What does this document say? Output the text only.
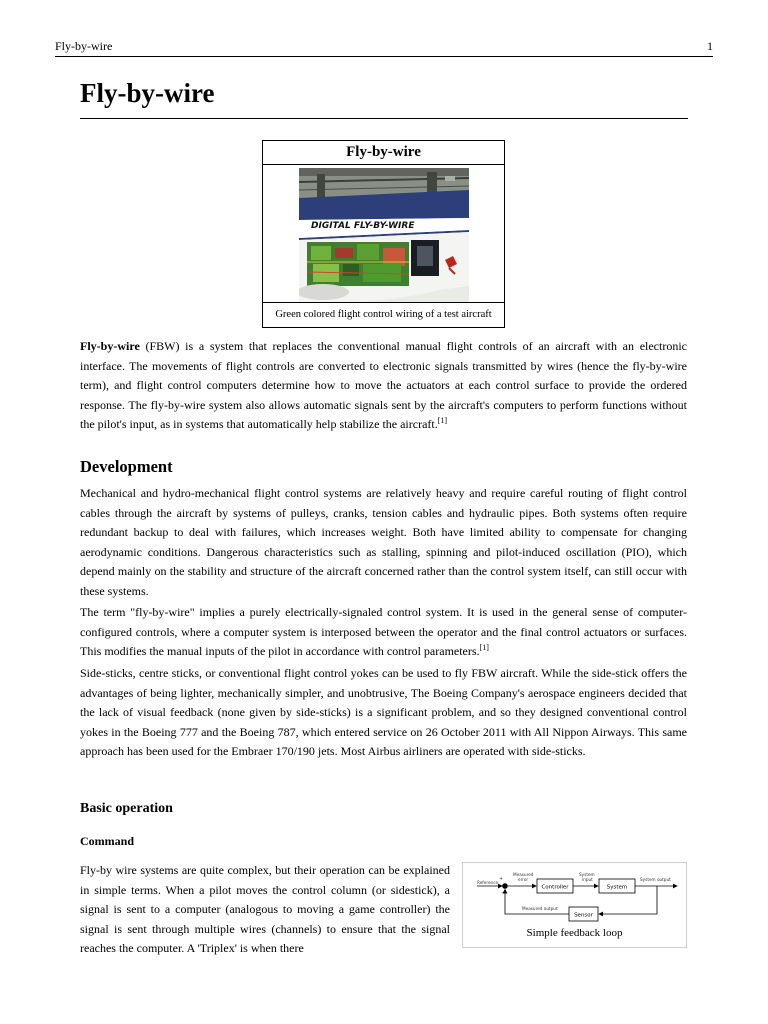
Fly-by-wire	1
Fly-by-wire
Fly-by-wire
DIGITAL FLY-BY-WIRE
Green colored flight control wiring of a test aircraft

Fly-by-wire (FBW) is a system that replaces the conventional manual flight controls of an aircraft with an electronic interface. The movements of flight controls are converted to electronic signals transmitted by wires (hence the fly-by-wire term), and flight control computers determine how to move the actuators at each control surface to provide the ordered response. The fly-by-wire system also allows automatic signals sent by the aircraft's computers to perform functions without the pilot's input, as in systems that automatically help stabilize the aircraft.[1]

Development

Mechanical and hydro-mechanical flight control systems are relatively heavy and require careful routing of flight control cables through the aircraft by systems of pulleys, cranks, tension cables and hydraulic pipes. Both systems often require redundant backup to deal with failures, which increases weight. Both have limited ability to compensate for changing aerodynamic conditions. Dangerous characteristics such as stalling, spinning and pilot-induced oscillation (PIO), which depend mainly on the stability and structure of the aircraft concerned rather than the control system itself, can still occur with these systems.

The term "fly-by-wire" implies a purely electrically-signaled control system. It is used in the general sense of computer-configured controls, where a computer system is interposed between the operator and the final control actuators or surfaces. This modifies the manual inputs of the pilot in accordance with control parameters.[1]

Side-sticks, centre sticks, or conventional flight control yokes can be used to fly FBW aircraft. While the side-stick offers the advantages of being lighter, mechanically simpler, and unobtrusive, The Boeing Company's aerospace engineers decided that the lack of visual feedback (none given by side-sticks) is a significant problem, and so they designed conventional control yokes in the Boeing 777 and the Boeing 787, which entered service on 26 October 2011 with All Nippon Airways. This same approach has been used for the Embraer 170/190 jets. Most Airbus airliners are operated with side-sticks.

Basic operation
Command

Fly-by wire systems are quite complex, but their operation can be explained in simple terms. When a pilot moves the control column (or sidestick), a signal is sent to a computer (analogous to moving a game controller) the signal is sent through multiple wires (channels) to ensure that the signal reaches the computer. A 'Triplex' is when there

Reference
Measured
error
System
input	System output
Measured output
+
−
Controller	System
Sensor
Simple feedback loop
